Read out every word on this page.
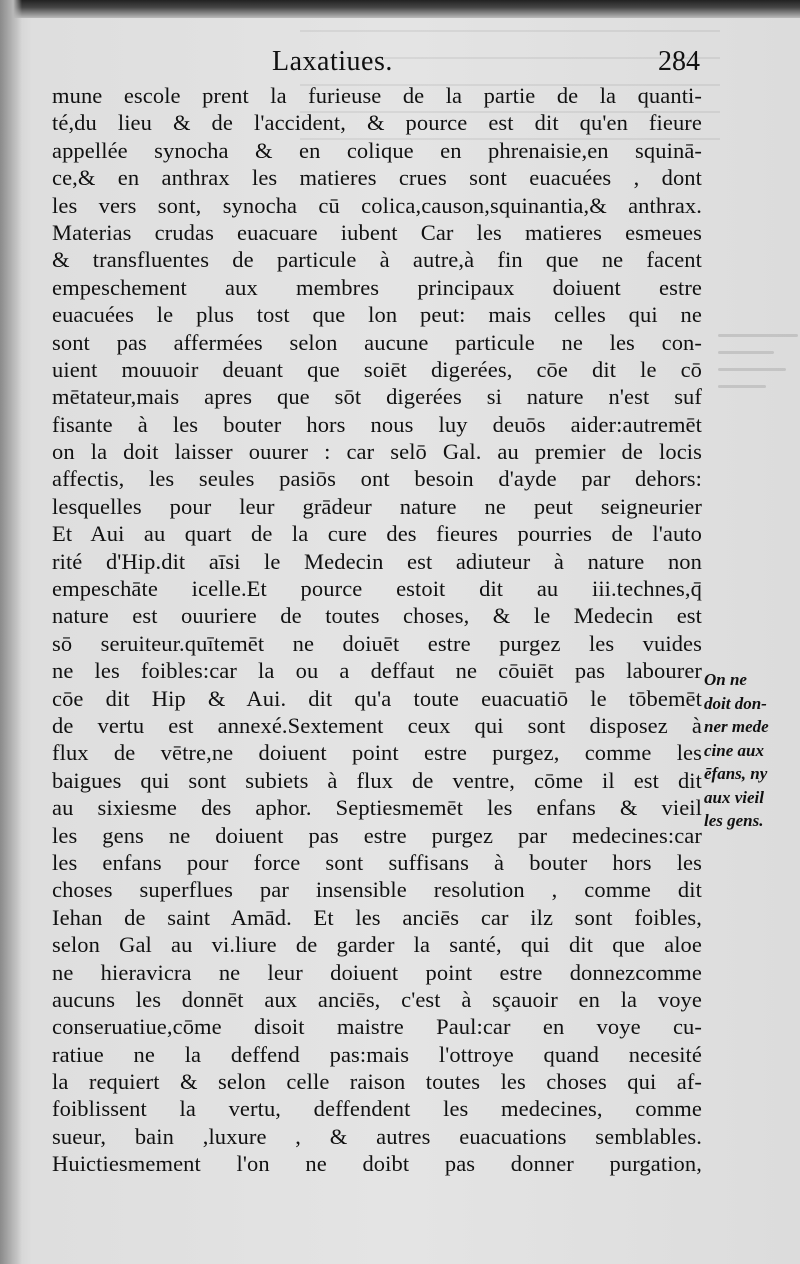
Laxatiues.	284
mune escole prent la furieuse de la partie de la quanti-
té,du lieu & de l'accident, & pource est dit qu'en fieure
appellée synocha & en colique en phrenaisie,en squinā-
ce,& en anthrax les matieres crues sont euacuées , dont
les vers sont, synocha cū colica,causon,squinantia,& anthrax.
Materias crudas euacuare iubent Car les matieres esmeues
& transfluentes de particule à autre,à fin que ne facent
empeschement aux membres principaux doiuent estre
euacuées le plus tost que lon peut: mais celles qui ne
sont pas affermées selon aucune particule ne les con-
uient mouuoir deuant que soiēt digerées, cōe dit le cō
mētateur,mais apres que sōt digerées si nature n'est suf
fisante à les bouter hors nous luy deuōs aider:autremēt
on la doit laisser ouurer : car selō Gal. au premier de locis
affectis, les seules pasiōs ont besoin d'ayde par dehors:
lesquelles pour leur grādeur nature ne peut seigneurier
Et Aui au quart de la cure des fieures pourries de l'auto
rité d'Hip.dit aīsi le Medecin est adiuteur à nature non
empeschāte icelle.Et pource estoit dit au iii.technes,q̄
nature est ouuriere de toutes choses, & le Medecin est
sō seruiteur.quītemēt ne doiuēt estre purgez les vuides
ne les foibles:car la ou a deffaut ne cōuiēt pas labourer
cōe dit Hip & Aui. dit qu'a toute euacuatiō le tōbemēt
de vertu est annexé.Sextement ceux qui sont disposez à
flux de vētre,ne doiuent point estre purgez, comme les
baigues qui sont subiets à flux de ventre, cōme il est dit
au sixiesme des aphor. Septiesmemēt les enfans & vieil
les gens ne doiuent pas estre purgez par medecines:car
les enfans pour force sont suffisans à bouter hors les
choses superflues par insensible resolution , comme dit
Iehan de saint Amād. Et les anciēs car ilz sont foibles,
selon Gal au vi.liure de garder la santé, qui dit que aloe
ne hieravicra ne leur doiuent point estre donnezcomme
aucuns les donnēt aux anciēs, c'est à sçauoir en la voye
conseruatiue,cōme disoit maistre Paul:car en voye cu-
ratiue ne la deffend pas:mais l'ottroye quand necesité
la requiert & selon celle raison toutes les choses qui af-
foiblissent la vertu, deffendent les medecines, comme
sueur, bain ,luxure , & autres euacuations semblables.
Huictiesmement l'on ne doibt pas donner purgation,
On ne
doit don-
ner mede
cine aux
ēfans, ny
aux vieil
les gens.
